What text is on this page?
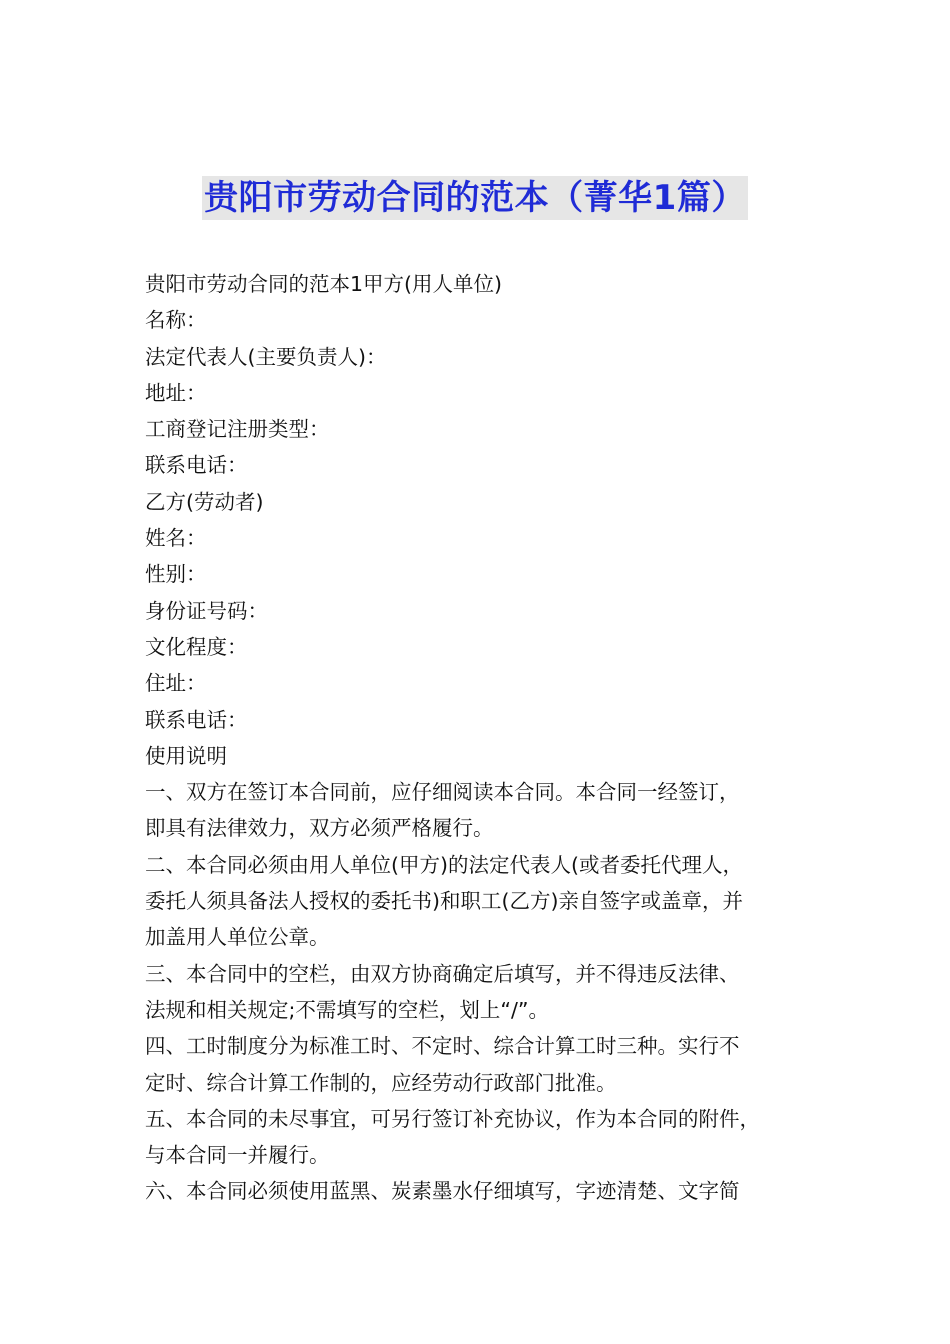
贵阳市劳动合同的范本（菁华1篇）
贵阳市劳动合同的范本1甲方(用人单位)
名称：
法定代表人(主要负责人)：
地址：
工商登记注册类型：
联系电话：
乙方(劳动者)
姓名：
性别：
身份证号码：
文化程度：
住址：
联系电话：
使用说明
一、双方在签订本合同前，应仔细阅读本合同。本合同一经签订，
即具有法律效力，双方必须严格履行。
二、本合同必须由用人单位(甲方)的法定代表人(或者委托代理人，
委托人须具备法人授权的委托书)和职工(乙方)亲自签字或盖章，并
加盖用人单位公章。
三、本合同中的空栏，由双方协商确定后填写，并不得违反法律、
法规和相关规定;不需填写的空栏，划上“/”。
四、工时制度分为标准工时、不定时、综合计算工时三种。实行不
定时、综合计算工作制的，应经劳动行政部门批准。
五、本合同的未尽事宜，可另行签订补充协议，作为本合同的附件，
与本合同一并履行。
六、本合同必须使用蓝黑、炭素墨水仔细填写，字迹清楚、文字简
